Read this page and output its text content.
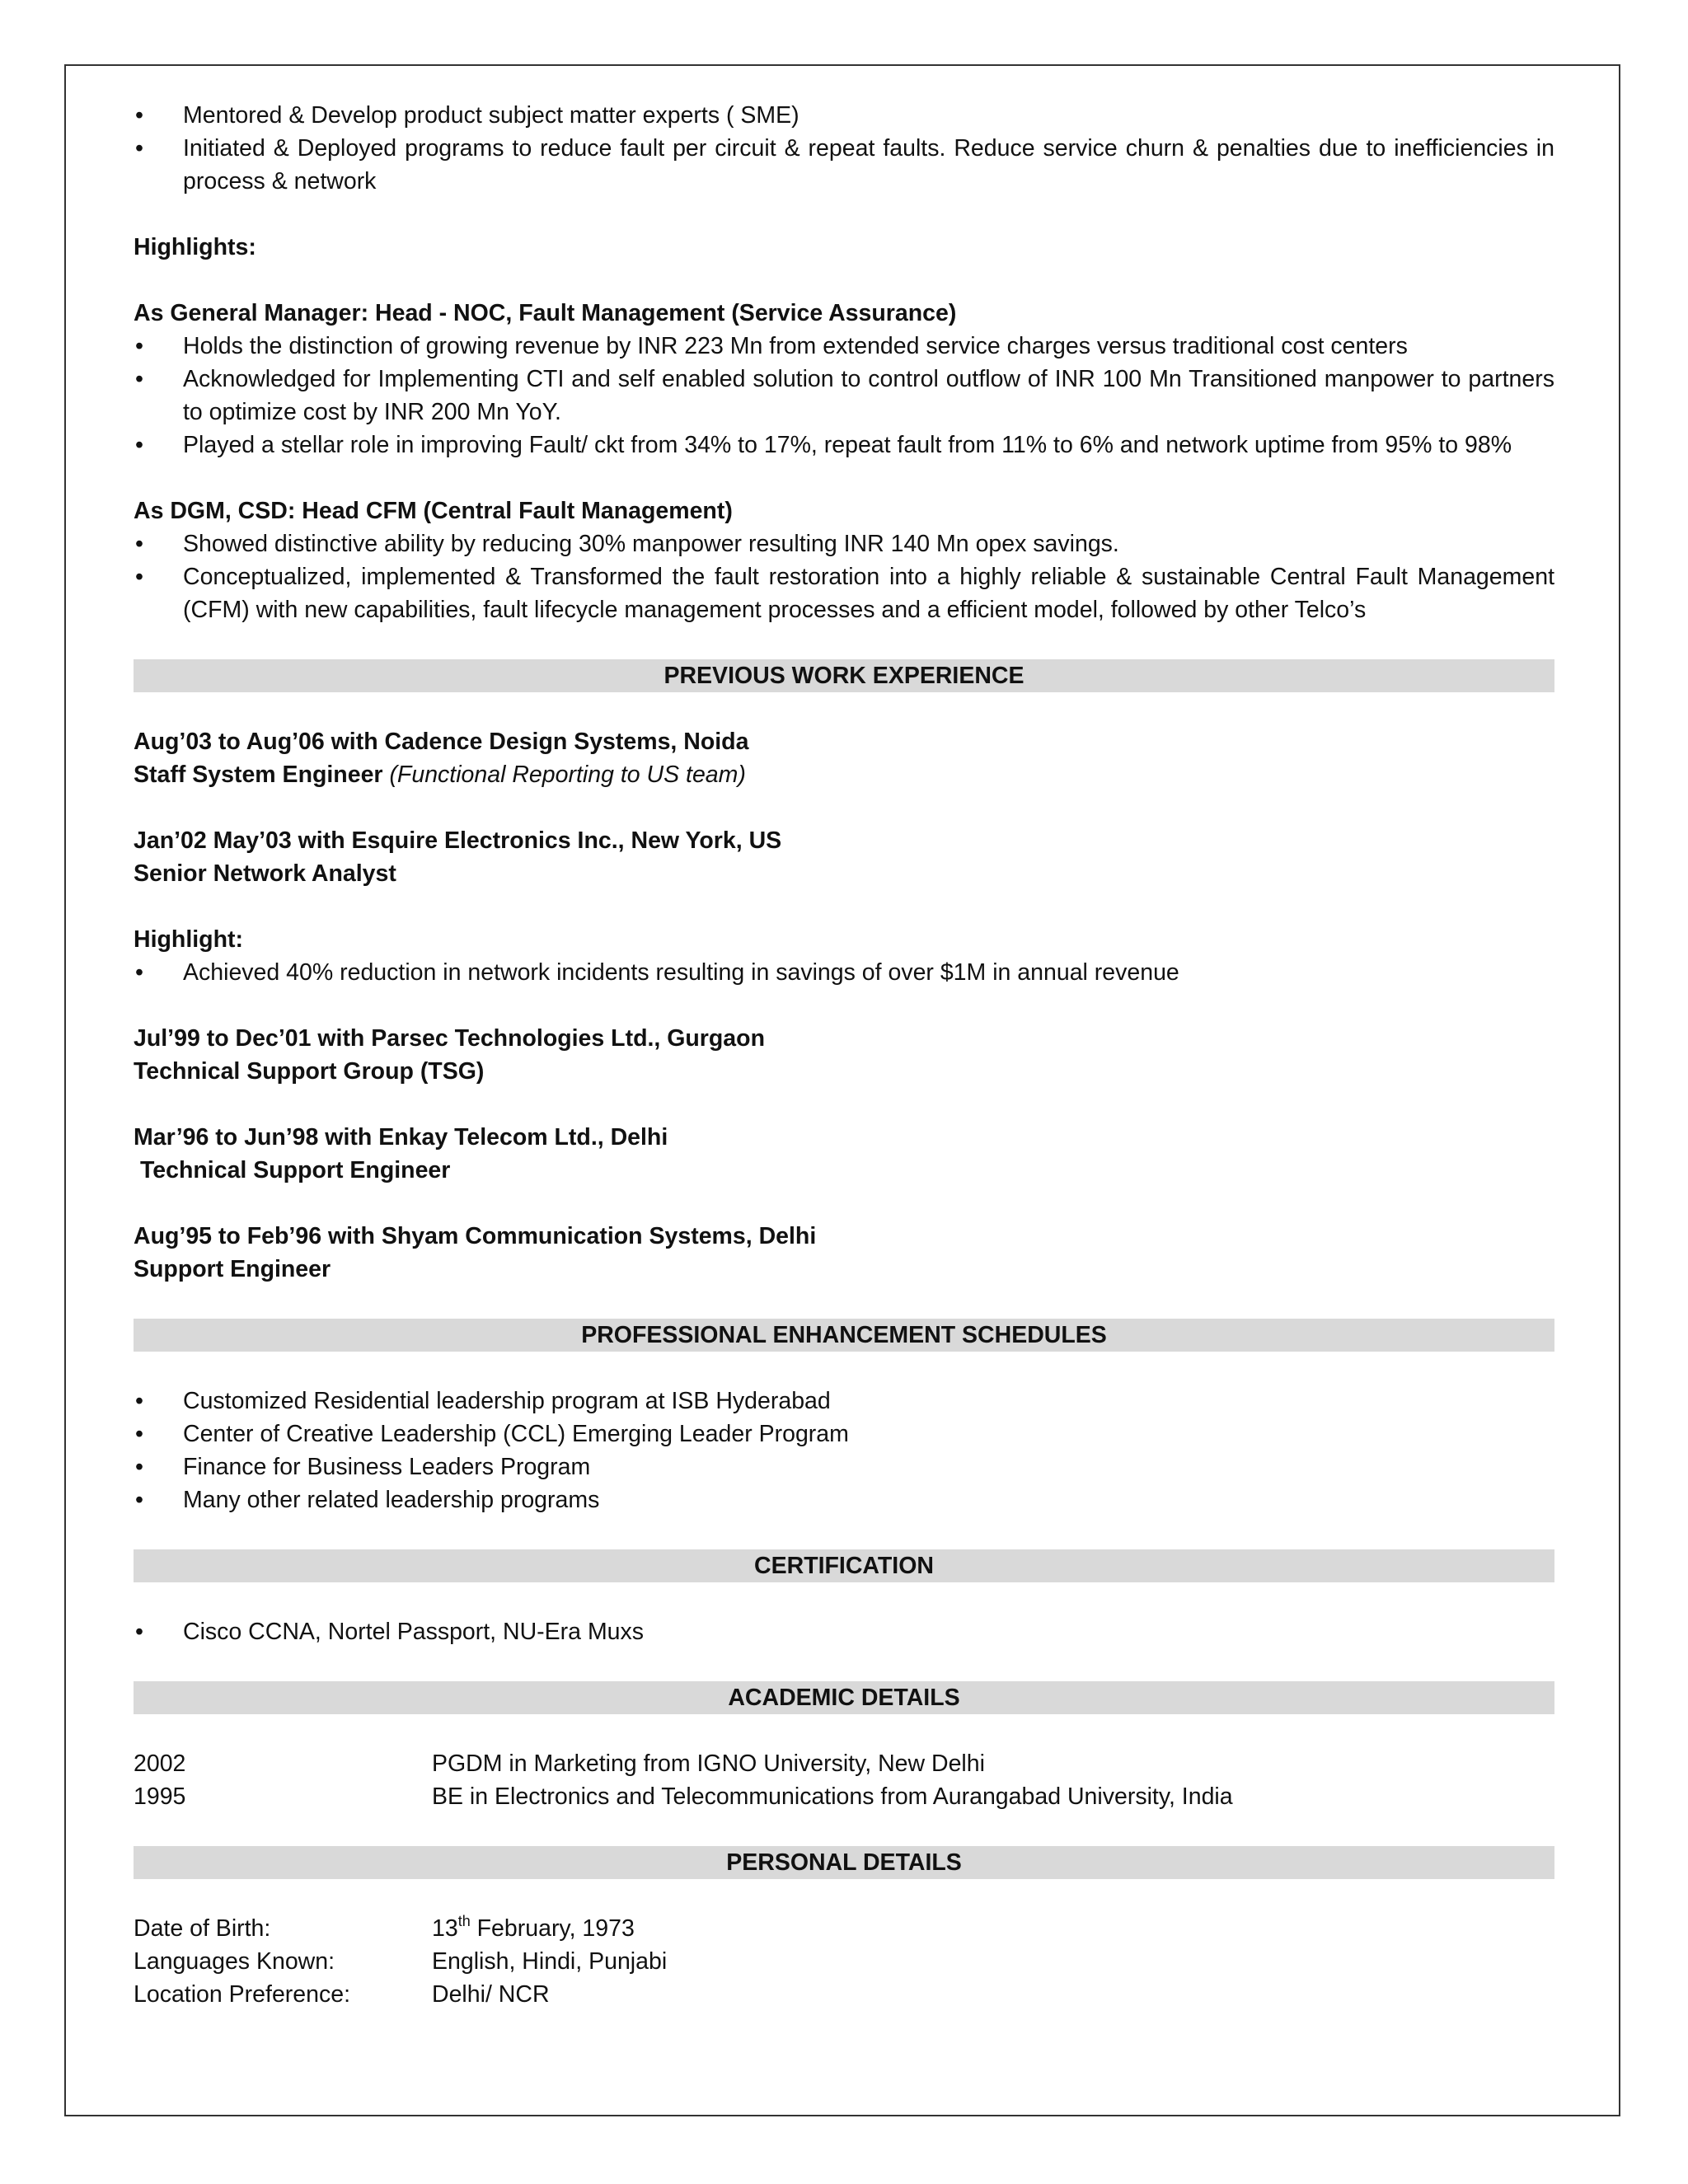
• Mentored & Develop product subject matter experts ( SME)
• Initiated & Deployed programs to reduce fault per circuit & repeat faults. Reduce service churn & penalties due to inefficiencies in process & network
Highlights:
As General Manager: Head - NOC, Fault Management (Service Assurance)
• Holds the distinction of growing revenue by INR 223 Mn from extended service charges versus traditional cost centers
• Acknowledged for Implementing CTI and self enabled solution to control outflow of INR 100 Mn Transitioned manpower to partners to optimize cost by INR 200 Mn YoY.
• Played a stellar role in improving Fault/ ckt from 34% to 17%, repeat fault from 11% to 6% and network uptime from 95% to 98%
As DGM, CSD: Head CFM (Central Fault Management)
• Showed distinctive ability by reducing 30% manpower resulting INR 140 Mn opex savings.
• Conceptualized, implemented & Transformed the fault restoration into a highly reliable & sustainable Central Fault Management (CFM) with new capabilities, fault lifecycle management processes and a efficient model, followed by other Telco’s
PREVIOUS WORK EXPERIENCE
Aug’03 to Aug’06 with Cadence Design Systems, Noida
Staff System Engineer (Functional Reporting to US team)
Jan’02 May’03 with Esquire Electronics Inc., New York, US
Senior Network Analyst
Highlight:
• Achieved 40% reduction in network incidents resulting in savings of over $1M in annual revenue
Jul’99 to Dec’01 with Parsec Technologies Ltd., Gurgaon
Technical Support Group (TSG)
Mar’96 to Jun’98 with Enkay Telecom Ltd., Delhi
Technical Support Engineer
Aug’95 to Feb’96 with Shyam Communication Systems, Delhi
Support Engineer
PROFESSIONAL ENHANCEMENT SCHEDULES
• Customized Residential leadership program at ISB Hyderabad
• Center of Creative Leadership (CCL) Emerging Leader Program
• Finance for Business Leaders Program
• Many other related leadership programs
CERTIFICATION
• Cisco CCNA, Nortel Passport, NU-Era Muxs
ACADEMIC DETAILS
2002	PGDM in Marketing from IGNO University, New Delhi
1995	BE in Electronics and Telecommunications from Aurangabad University, India
PERSONAL DETAILS
Date of Birth:	13th February, 1973
Languages Known:	English, Hindi, Punjabi
Location Preference:	Delhi/ NCR
